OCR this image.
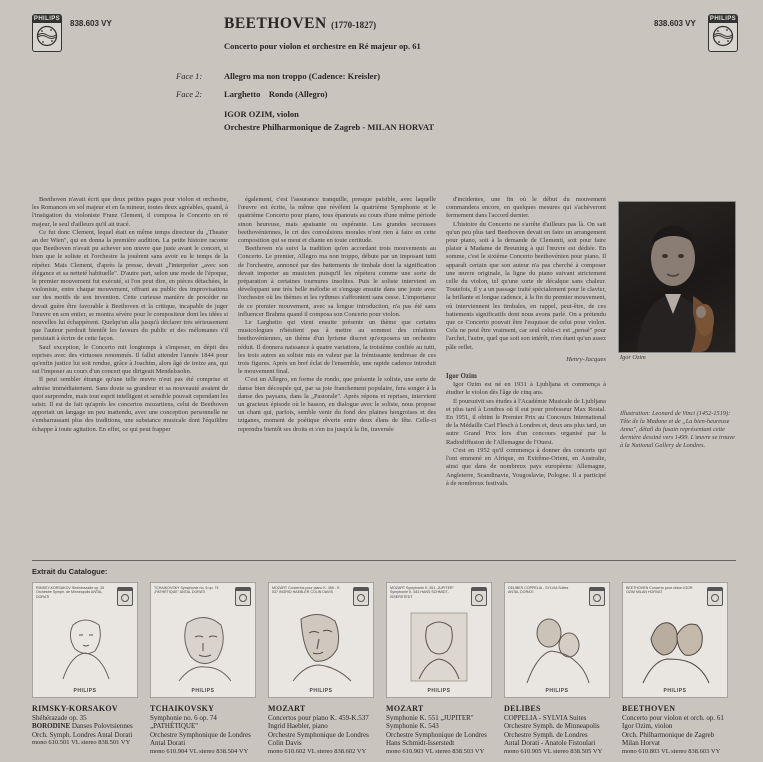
PHILIPS 838.603 VY	838.603 VY PHILIPS
BEETHOVEN (1770-1827)
Concerto pour violon et orchestre en Ré majeur op. 61
Face 1:	Allegro ma non troppo (Cadence: Kreisler)
Face 2:	Larghetto    Rondo (Allegro)
IGOR OZIM, violon
Orchestre Philharmonique de Zagreb - MILAN HORVAT

Beethoven n'avait écrit que deux petites pages pour violon et orchestre, les Romances en sol majeur et en fa mineur, toutes deux agréables, quand, à l'instigation du violoniste Franz Clement, il composa le Concerto en ré majeur, le seul d'ailleurs qu'il ait tracé.

Ce fut donc Clement, lequel était en même temps directeur du „Theater an der Wien", qui en donna la première audition. La petite histoire raconte que Beethoven n'avait pu achever son œuvre que juste avant le concert, si bien que le soliste et l'orchestre la jouèrent sans avoir eu le temps de la répéter. Mais Clement, d'après la presse, devait „l'interpréter „avec son élégance et sa netteté habituelle". D'autre part, selon une mode de l'époque, le premier mouvement fut exécuté, si l'on peut dire, en pièces détachées, le violoniste, entre chaque mouvement, offrant au public des improvisations sur des motifs de son invention. Cette curieuse manière de procéder ne devait guère être favorable à Beethoven et la critique, incapable de juger l'œuvre en son entier, se montra sévère pour le compositeur dont les idées si nouvelles lui échappèrent. Quelqu'un alla jusqu'à déclarer très sérieusement que l'auteur perdrait bientôt les faveurs du public et des mélomanes s'il persistait à écrire de cette façon.

Sauf exception, le Concerto mit longtemps à s'imposer, en dépit des reprises avec des virtuoses renommés. Il fallut attendre l'année 1844 pour qu'enfin justice lui soit rendue, grâce à Joachim, alors âgé de treize ans, qui sut l'imposer au cours d'un concert que dirigeait Mendelssohn.

Il peut sembler étrange qu'une telle œuvre n'eut pas été comprise et admise immédiatement. Sans doute sa grandeur et sa nouveauté avaient de quoi surprendre, mais tout esprit intelligent et sensible pouvait cependant les saisir. Il est de fait qu'après les concertos mozartiens, celui de Beethoven apportait un langage un peu inattendu, avec une conception personnelle ne s'embarrassant plus des traditions, une substance musicale dont l'équilibre échappe à toute agitation. En effet, ce qui peut frapper

également, c'est l'assurance tranquille, presque paisible, avec laquelle l'œuvre est écrite, la même que révèlent la quatrième Symphonie et le quatrième Concerto pour piano, tous épanouis au cours d'une même période sinon heureuse, mais apaisante ou espérante. Les grandes secousses beethovéniennes, le cri des convulsions morales n'ont rien à faire en cette composition qui se meut et chante en toute certitude.

Beethoven n'a suivi la tradition qu'en accordant trois mouvements au Concerto. Le premier, Allegro ma non troppo, débute par un imposant tutti de l'orchestre, annoncé par des battements de timbale dont la signification devait importer au musicien puisqu'il les répétera comme une sorte de préparation à certaines tournures insolites. Puis le soliste intervient en développant une très belle mélodie et s'engage ensuite dans une joute avec l'orchestre où les thèmes et les rythmes s'affrontent sans cesse. L'importance de ce premier mouvement, avec sa longue introduction, n'a pas été sans influencer Brahms quand il composa son Concerto pour violon.

Le Larghetto qui vient ensuite présente un thème que certains musicologues n'hésitent pas à mettre au sommet des créations beethovéniennes, un thème d'un lyrisme discret qu'exposera un orchestre réduit. Il donnera naissance à quatre variations, la troisième confiée au tutti, les trois autres au soliste mis en valeur par la frémissante tendresse de ces trois figures. Après un bref éclat de l'ensemble, une rapide cadence introduit le mouvement final.

C'est un Allegro, en forme de rondo, que présente le soliste, une sorte de danse bien découpée qui, par sa joie franchement populaire, fera songer à la danse des paysans, dans la „Pastorale". Après répons et reprises, intervient un gracieux épisode où le basson, en dialogue avec le soliste, nous propose un chant qui, parfois, semble venir du fond des plaines hongroises et des tziganes, moment de poétique rêverie entre deux élans de fête. Celle-ci reprendra bientôt ses droits et s'en ira jusqu'à la fin, traversée

d'incidentes, une fin où le début du mouvement commandera encore, en quelques mesures qui s'achèveront fermement dans l'accord dernier.

L'histoire du Concerto ne s'arrête d'ailleurs pas là. On sait qu'un peu plus tard Beethoven devait en faire un arrangement pour piano, soit à la demande de Clementi, soit pour faire plaisir à Madame de Breuning à qui l'œuvre est dédiée. En somme, c'est le sixième Concerto beethovénien pour piano. Il apparaît certain que son auteur n'a pas cherché à composer une œuvre originale, la ligne du piano suivant strictement celle du violon, tel qu'une sorte de décalque sans chaleur. Toutefois, il y a un passage traité spécialement pour le clavier, la brillante et longue cadence, à la fin du premier mouvement, où interviennent les timbales, en rappel, peut-être, de ces battements significatifs dont nous avons parlé. On a prétendu que ce Concerto pouvait être l'esquisse de celui pour violon. Cela ne peut être vraiment, car seul celui-ci est „pensé" pour l'archet, l'autre, quel que soit son intérêt, n'en étant qu'un assez pâle reflet.

Henry-Jacques
Igor Ozim

Igor Ozim est né en 1931 à Ljubljana et commença à étudier le violon dès l'âge de cinq ans.

Il poursuivit ses études à l'Académie Musicale de Ljubljana et plus tard à Londres où il eut pour professeur Max Rostal. En 1951, il obtint le Premier Prix au Concours International de la Médaille Carl Flesch à Londres et, deux ans plus tard, un autre Grand Prix lors d'un concours organisé par la Radiodiffusion de l'Allemagne de l'Ouest.

C'est en 1952 qu'il commença à donner des concerts qui l'ont emmené en Afrique, en Extrême-Orient, en Australie, ainsi que dans de nombreux pays européens: Allemagne, Angleterre, Scandinavie, Yougoslavie, Pologne. Il a participé à de nombreux festivals.

Igor Ozim
Illustration: Leonard de Vinci (1452-1519): Tête de la Madone et de „La bien-heureuse Anna", détail du fusain représentant cette dernière dessiné vers 1499. L'œuvre se trouve à la National Gallery de Londres.
Extrait du Catalogue:
RIMSKY-KORSAKOV Shéhérazade op. 35 Orchestre Symph. de Minneapolis ANTAL DORATI
PHILIPS
TCHAIKOVSKY Symphonie no. 6 op. 74 „PATHÉTIQUE" ANTAL DORATI
PHILIPS
MOZART Concertos pour piano K. 459 - K. 537 INGRID HAEBLER COLIN DAVIS
PHILIPS
MOZART Symphonie K. 551 „JUPITER" Symphonie K. 543 HANS SCHMIDT-ISSERSTEDT
PHILIPS
DELIBES COPPELIA - SYLVIA Suites ANTAL DORATI
PHILIPS
BEETHOVEN Concerto pour violon IGOR OZIM MILAN HORVAT
PHILIPS
RIMSKY-KORSAKOV
Shéhérazade op. 35
BORODINE Danses Polovtsiennes
Orch. Symph. Londres Antal Dorati
mono 610.501 VL stereo 838.501 VY
TCHAIKOVSKY
Symphonie no. 6 op. 74
„PATHÉTIQUE"
Orchestre Symphonique de Londres
Antal Dorati
mono 610.904 VL stereo 838.504 VY
MOZART
Concertos pour piano K. 459-K.537
Ingrid Haebler, piano
Orchestre Symphonique de Londres
Colin Davis
mono 610.602 VL stereo 838.602 VY
MOZART
Symphonie K. 551 „JUPITER"
Symphonie K. 543
Orchestre Symphonique de Londres
Hans Schmidt-Isserstedt
mono 610.903 VL stereo 838.503 VY
DELIBES
COPPELIA - SYLVIA Suites
Orchestre Symph. de Minneapolis
Orchestre Symph. de Londres
Antal Dorati - Anatole Fistoulari
mono 610.905 VL stereo 838.505 VY
BEETHOVEN
Concerto pour violon et orch. op. 61
Igor Ozim, violon
Orch. Philharmonique de Zagreb
Milan Horvat
mono 610.803 VL stereo 838.603 VY
